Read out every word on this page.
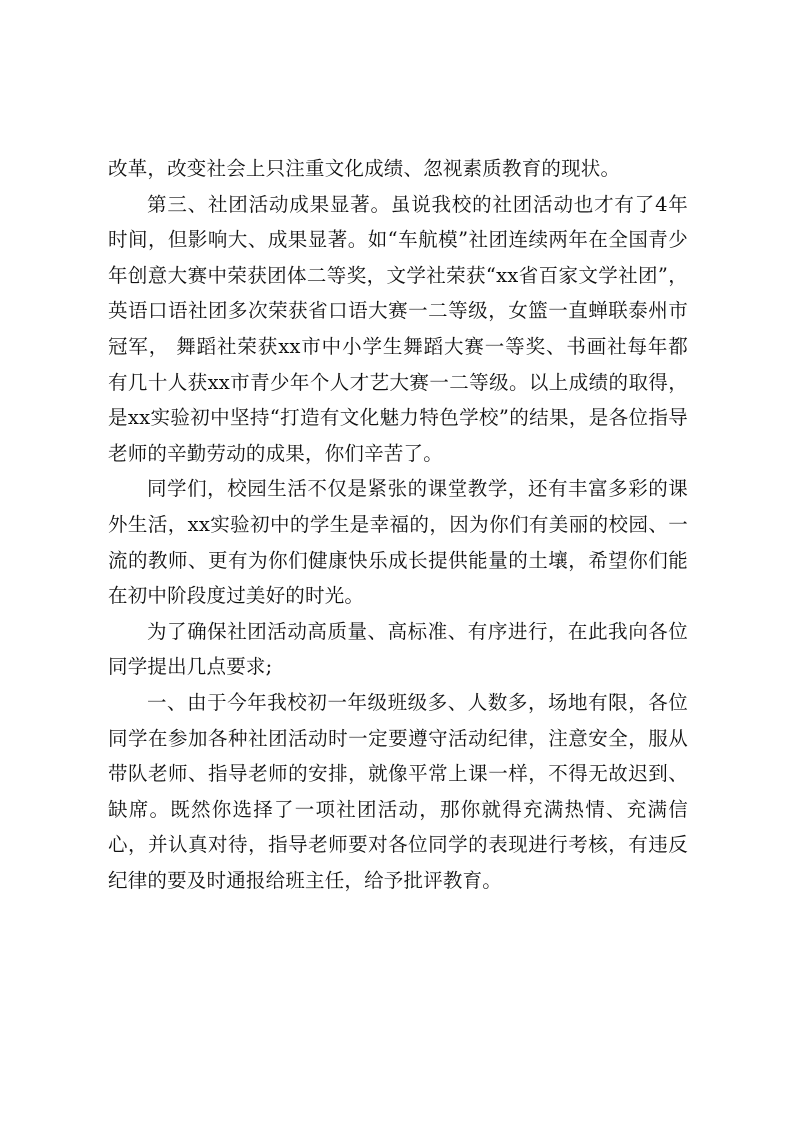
改革，改变社会上只注重文化成绩、忽视素质教育的现状。

第三、社团活动成果显著。虽说我校的社团活动也才有了4年时间，但影响大、成果显著。如“车航模”社团连续两年在全国青少年创意大赛中荣获团体二等奖，文学社荣获“xx省百家文学社团”，英语口语社团多次荣获省口语大赛一二等级，女篮一直蝉联泰州市冠军， 舞蹈社荣获xx市中小学生舞蹈大赛一等奖、书画社每年都有几十人获xx市青少年个人才艺大赛一二等级。以上成绩的取得，是xx实验初中坚持“打造有文化魅力特色学校”的结果，是各位指导老师的辛勤劳动的成果，你们辛苦了。

同学们，校园生活不仅是紧张的课堂教学，还有丰富多彩的课外生活，xx实验初中的学生是幸福的，因为你们有美丽的校园、一流的教师、更有为你们健康快乐成长提供能量的土壤，希望你们能在初中阶段度过美好的时光。

为了确保社团活动高质量、高标准、有序进行，在此我向各位同学提出几点要求;

一、由于今年我校初一年级班级多、人数多，场地有限，各位同学在参加各种社团活动时一定要遵守活动纪律，注意安全，服从带队老师、指导老师的安排，就像平常上课一样，不得无故迟到、缺席。既然你选择了一项社团活动，那你就得充满热情、充满信心，并认真对待，指导老师要对各位同学的表现进行考核，有违反纪律的要及时通报给班主任，给予批评教育。
